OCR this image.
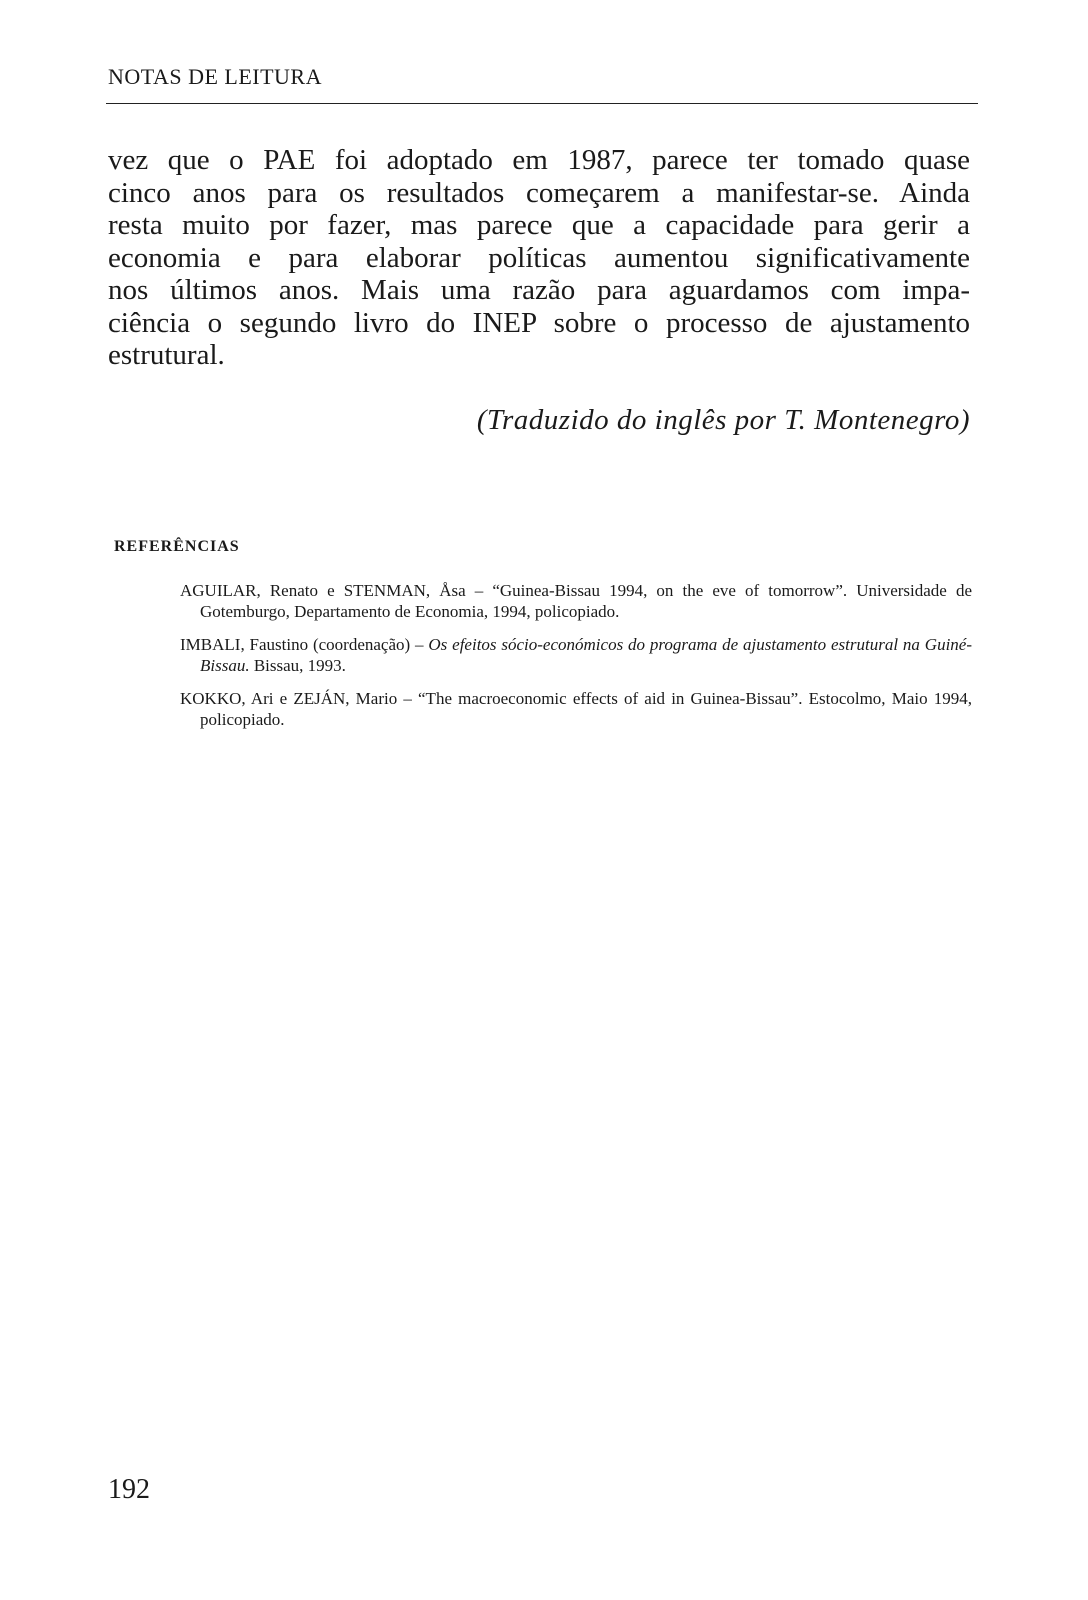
NOTAS DE LEITURA
vez que o PAE foi adoptado em 1987, parece ter tomado quase
cinco anos para os resultados começarem a manifestar-se. Ainda
resta muito por fazer, mas parece que a capacidade para gerir a
economia e para elaborar políticas aumentou significativamente
nos últimos anos. Mais uma razão para aguardamos com impa-
ciência o segundo livro do INEP sobre o processo de ajustamento
estrutural.
(Traduzido do inglês por T. Montenegro)
REFERÊNCIAS
AGUILAR, Renato e STENMAN, Åsa – “Guinea-Bissau 1994, on the eve of tomorrow”. Universidade de Gotemburgo, Departamento de Economia, 1994, policopiado.
IMBALI, Faustino (coordenação) – Os efeitos sócio-económicos do programa de ajustamento estrutural na Guiné-Bissau. Bissau, 1993.
KOKKO, Ari e ZEJÁN, Mario – “The macroeconomic effects of aid in Guinea-Bissau”. Estocolmo, Maio 1994, policopiado.
192
